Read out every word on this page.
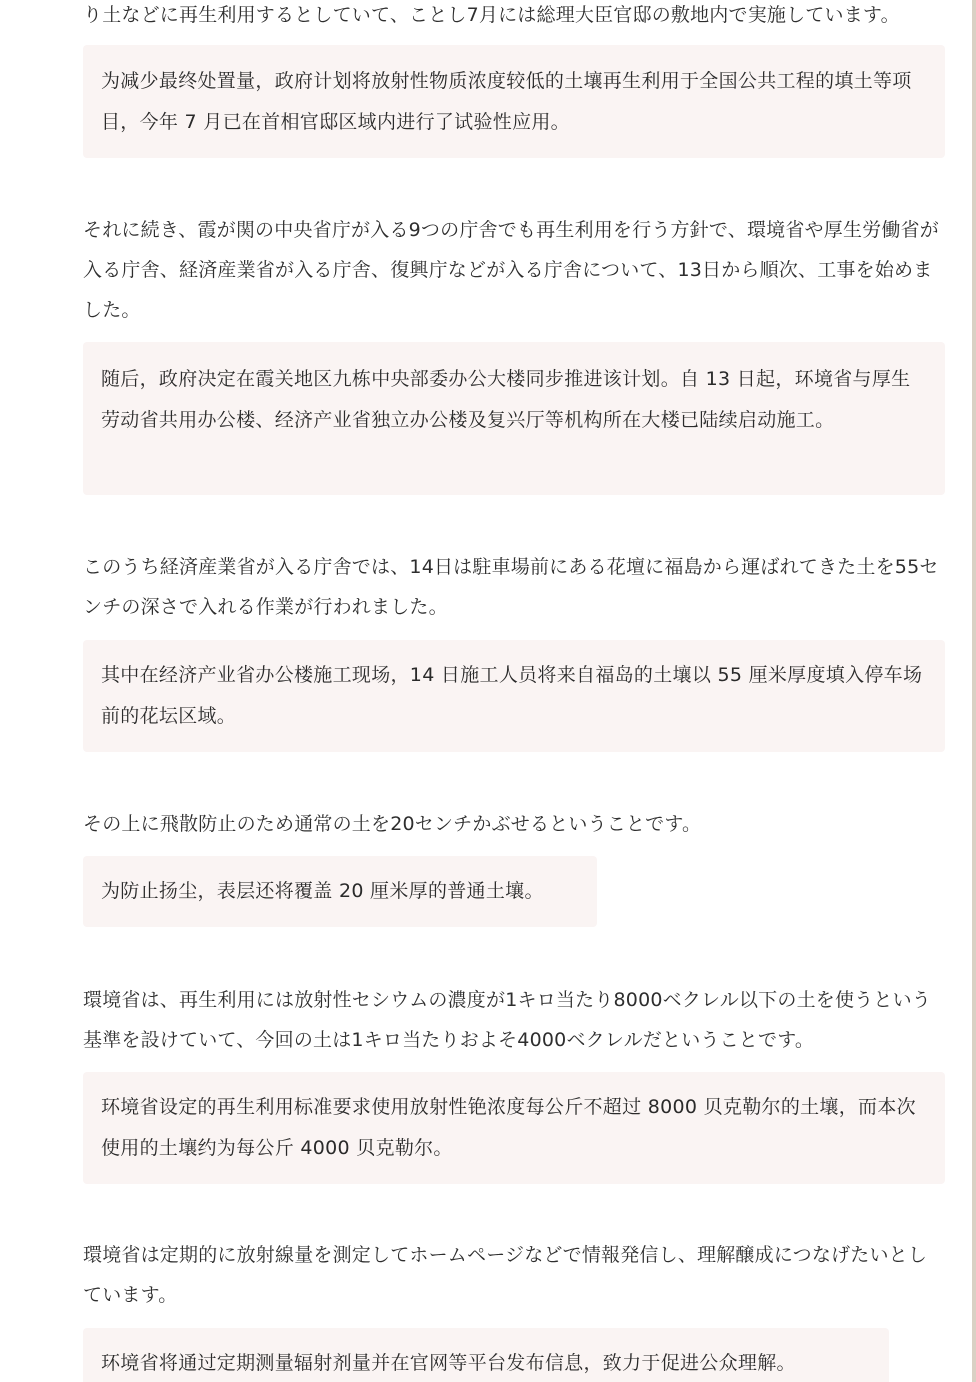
り土などに再生利用するとしていて、ことし7月には総理大臣官邸の敷地内で実施しています。

为减少最终处置量，政府计划将放射性物质浓度较低的土壤再生利用于全国公共工程的填土等项目，今年 7 月已在首相官邸区域内进行了试验性应用。

それに続き、霞が関の中央省庁が入る9つの庁舎でも再生利用を行う方針で、環境省や厚生労働省が入る庁舎、経済産業省が入る庁舎、復興庁などが入る庁舎について、13日から順次、工事を始めました。

随后，政府决定在霞关地区九栋中央部委办公大楼同步推进该计划。自 13 日起，环境省与厚生劳动省共用办公楼、经济产业省独立办公楼及复兴厅等机构所在大楼已陆续启动施工。

このうち経済産業省が入る庁舎では、14日は駐車場前にある花壇に福島から運ばれてきた土を55センチの深さで入れる作業が行われました。

其中在经济产业省办公楼施工现场，14 日施工人员将来自福岛的土壤以 55 厘米厚度填入停车场前的花坛区域。

その上に飛散防止のため通常の土を20センチかぶせるということです。

为防止扬尘，表层还将覆盖 20 厘米厚的普通土壤。

環境省は、再生利用には放射性セシウムの濃度が1キロ当たり8000ベクレル以下の土を使うという基準を設けていて、今回の土は1キロ当たりおよそ4000ベクレルだということです。

环境省设定的再生利用标准要求使用放射性铯浓度每公斤不超过 8000 贝克勒尔的土壤，而本次使用的土壤约为每公斤 4000 贝克勒尔。

環境省は定期的に放射線量を測定してホームページなどで情報発信し、理解醸成につなげたいとしています。

环境省将通过定期测量辐射剂量并在官网等平台发布信息，致力于促进公众理解。
